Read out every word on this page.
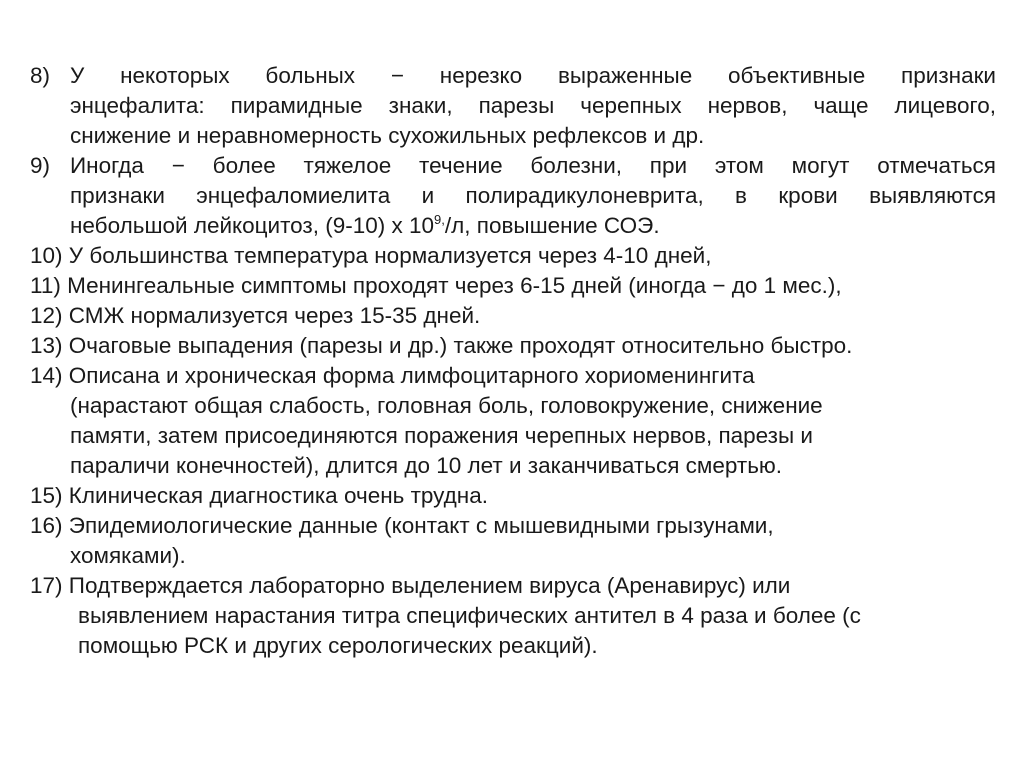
8) У некоторых больных − нерезко выраженные объективные признаки
энцефалита: пирамидные знаки, парезы черепных нервов, чаще лицевого,
снижение и неравномерность сухожильных рефлексов и др.
9) Иногда − более тяжелое течение болезни, при этом могут отмечаться
признаки энцефаломиелита и полирадикулоневрита, в крови выявляются
небольшой лейкоцитоз, (9-10) х $10^{9,}/л$, повышение СОЭ.
10) У большинства температура нормализуется через 4-10 дней,
11) Менингеальные симптомы проходят через 6-15 дней (иногда − до 1 мес.),
12) СМЖ нормализуется через 15-35 дней.
13) Очаговые выпадения (парезы и др.) также проходят относительно быстро.
14) Описана и хроническая форма лимфоцитарного хориоменингита
(нарастают общая слабость, головная боль, головокружение, снижение
памяти, затем присоединяются поражения черепных нервов, парезы и
параличи конечностей), длится до 10 лет и заканчиваться смертью.
15) Клиническая диагностика очень трудна.
16) Эпидемиологические данные (контакт с мышевидными грызунами,
хомяками).
17) Подтверждается лабораторно выделением вируса (Аренавирус) или
выявлением нарастания титра специфических антител в 4 раза и более (с
помощью РСК и других серологических реакций).
